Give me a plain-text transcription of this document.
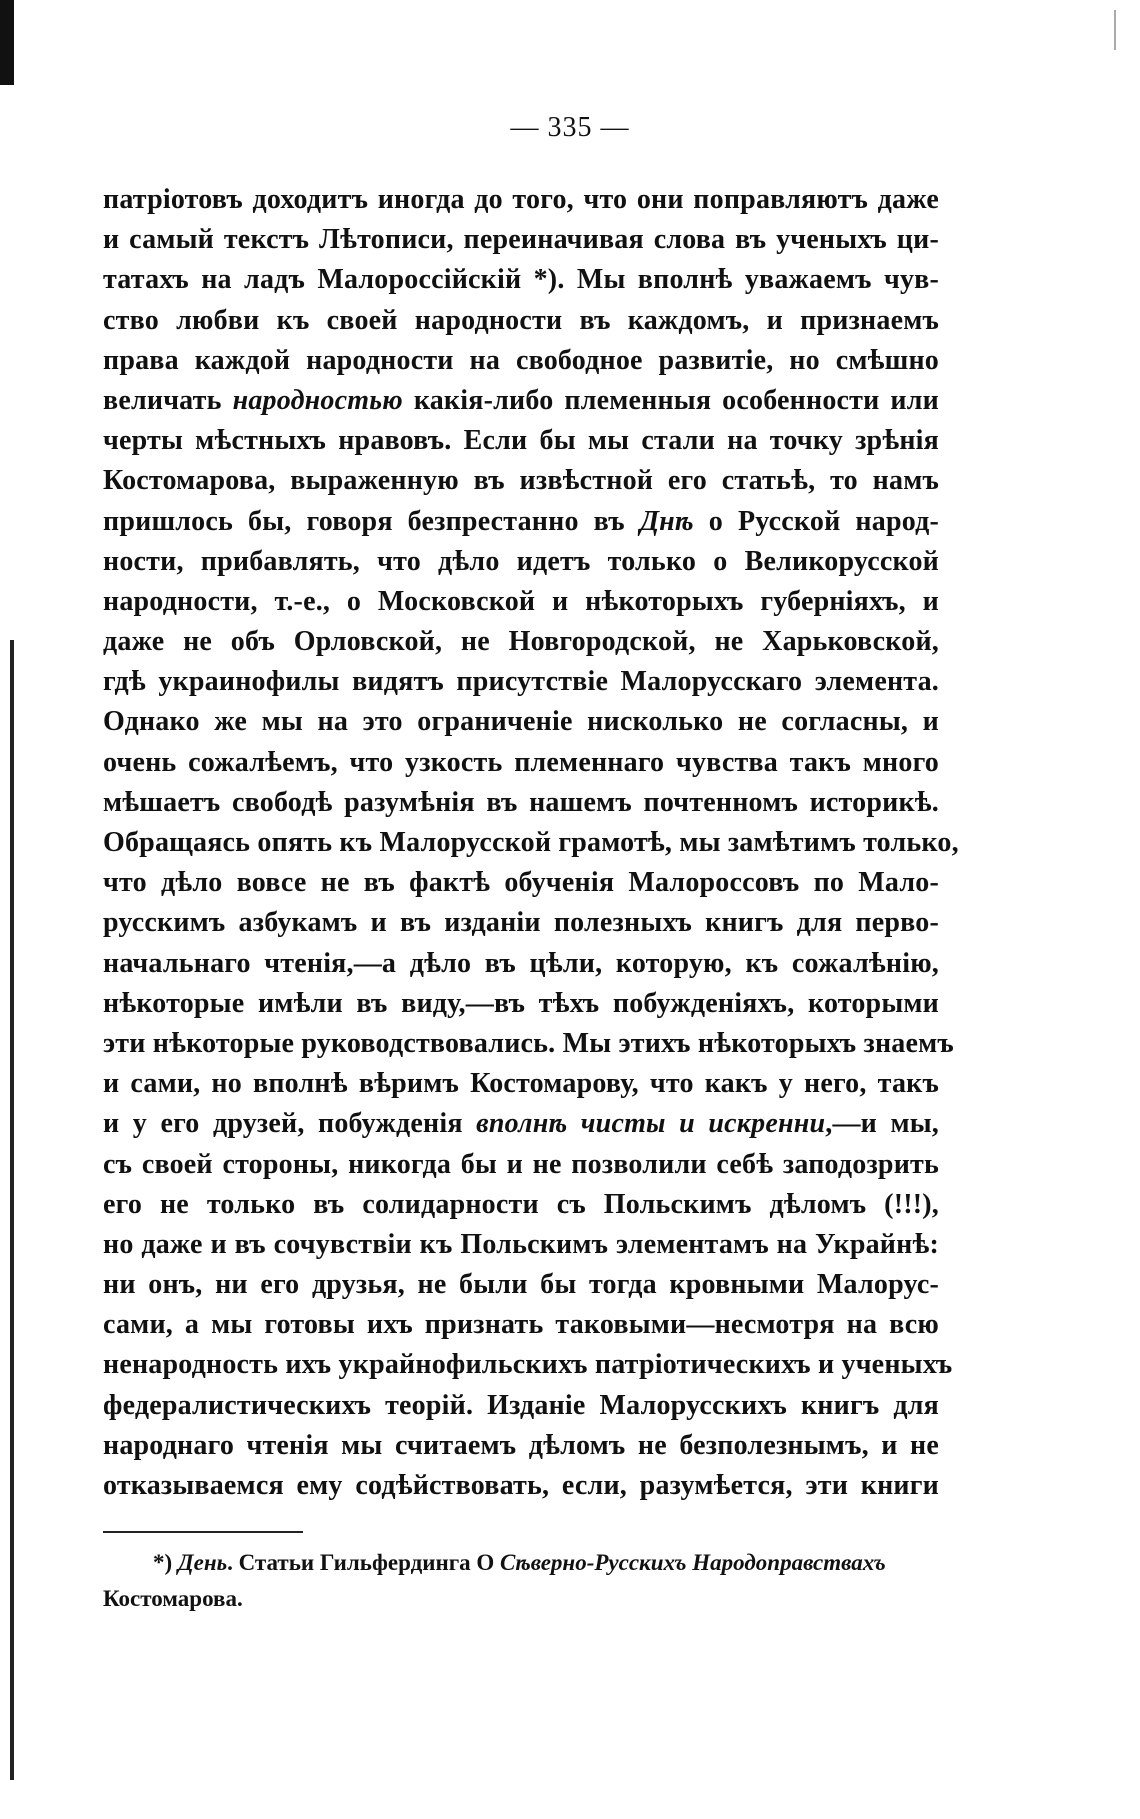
— 335 —
патріотовъ доходитъ иногда до того, что они поправляютъ даже
и самый текстъ Лѣтописи, переиначивая слова въ ученыхъ ци-
татахъ на ладъ Малороссійскій *). Мы вполнѣ уважаемъ чув-
ство любви къ своей народности въ каждомъ, и признаемъ
права каждой народности на свободное развитіе, но смѣшно
величать народностью какія-либо племенныя особенности или
черты мѣстныхъ нравовъ. Если бы мы стали на точку зрѣнія
Костомарова, выраженную въ извѣстной его статьѣ, то намъ
пришлось бы, говоря безпрестанно въ Днѣ о Русской народ-
ности, прибавлять, что дѣло идетъ только о Великорусской
народности, т.-е., о Московской и нѣкоторыхъ губерніяхъ, и
даже не объ Орловской, не Новгородской, не Харьковской,
гдѣ украинофилы видятъ присутствіе Малорусскаго элемента.
Однако же мы на это ограниченіе нисколько не согласны, и
очень сожалѣемъ, что узкость племеннаго чувства такъ много
мѣшаетъ свободѣ разумѣнія въ нашемъ почтенномъ историкѣ.
Обращаясь опять къ Малорусской грамотѣ, мы замѣтимъ только,
что дѣло вовсе не въ фактѣ обученія Малороссовъ по Мало-
русскимъ азбукамъ и въ изданіи полезныхъ книгъ для перво-
начальнаго чтенія,—а дѣло въ цѣли, которую, къ сожалѣнію,
нѣкоторые имѣли въ виду,—въ тѣхъ побужденіяхъ, которыми
эти нѣкоторые руководствовались. Мы этихъ нѣкоторыхъ знаемъ
и сами, но вполнѣ вѣримъ Костомарову, что какъ у него, такъ
и у его друзей, побужденія вполнѣ чисты и искренни,—и мы,
съ своей стороны, никогда бы и не позволили себѣ заподозрить
его не только въ солидарности съ Польскимъ дѣломъ (!!!),
но даже и въ сочувствіи къ Польскимъ элементамъ на Украйнѣ:
ни онъ, ни его друзья, не были бы тогда кровными Малорус-
сами, а мы готовы ихъ признать таковыми—несмотря на всю
ненародность ихъ украйнофильскихъ патріотическихъ и ученыхъ
федералистическихъ теорій. Изданіе Малорусскихъ книгъ для
народнаго чтенія мы считаемъ дѣломъ не безполезнымъ, и не
отказываемся ему содѣйствовать, если, разумѣется, эти книги
*) День. Статьи Гильфердинга О Сѣверно-Русскихъ Народоправствахъ
Костомарова.
